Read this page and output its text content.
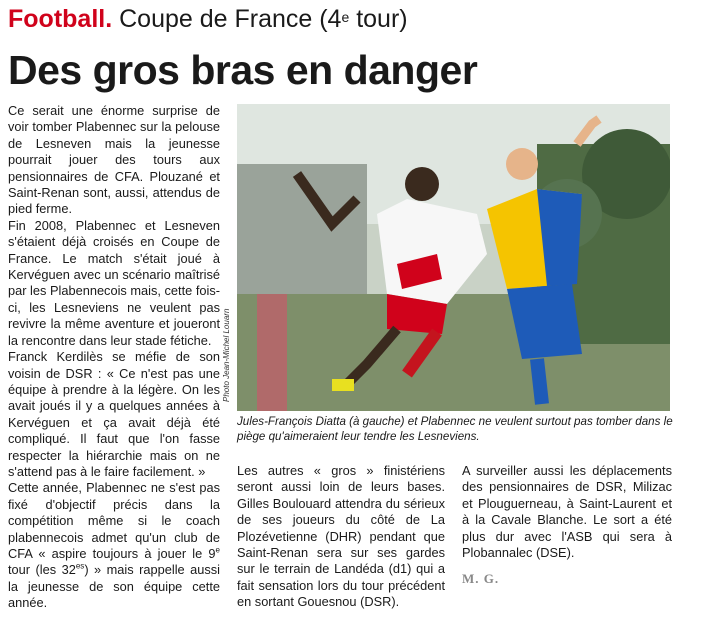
Football. Coupe de France (4e tour)
Des gros bras en danger

Ce serait une énorme surprise de voir tomber Plabennec sur la pelouse de Lesneven mais la jeunesse pourrait jouer des tours aux pensionnaires de CFA. Plouzané et Saint-Renan sont, aussi, attendus de pied ferme.

Fin 2008, Plabennec et Lesneven s'étaient déjà croisés en Coupe de France. Le match s'était joué à Kervéguen avec un scénario maîtrisé par les Plabennecois mais, cette fois-ci, les Lesneviens ne veulent pas revivre la même aventure et joueront la rencontre dans leur stade fétiche.

Franck Kerdilès se méfie de son voisin de DSR : « Ce n'est pas une équipe à prendre à la légère. On les avait joués il y a quelques années à Kervéguen et ça avait déjà été compliqué. Il faut que l'on fasse respecter la hiérarchie mais on ne s'attend pas à le faire facilement. »

Cette année, Plabennec ne s'est pas fixé d'objectif précis dans la compétition même si le coach plabennecois admet qu'un club de CFA « aspire toujours à jouer le 9e tour (les $32^{es}$) » mais rappelle aussi la jeunesse de son équipe cette année.

Photo Jean-Michel Louarn
Jules-François Diatta (à gauche) et Plabennec ne veulent surtout pas tomber dans le piège qu'aimeraient leur tendre les Lesneviens.

Les autres « gros » finistériens seront aussi loin de leurs bases. Gilles Boulouard attendra du sérieux de ses joueurs du côté de La Plozévetienne (DHR) pendant que Saint-Renan sera sur ses gardes sur le terrain de Landéda (d1) qui a fait sensation lors du tour précédent en sortant Gouesnou (DSR).

A surveiller aussi les déplacements des pensionnaires de DSR, Milizac et Plouguerneau, à Saint-Laurent et à la Cavale Blanche. Le sort a été plus dur avec l'ASB qui sera à Plobannalec (DSE).

M. G.
